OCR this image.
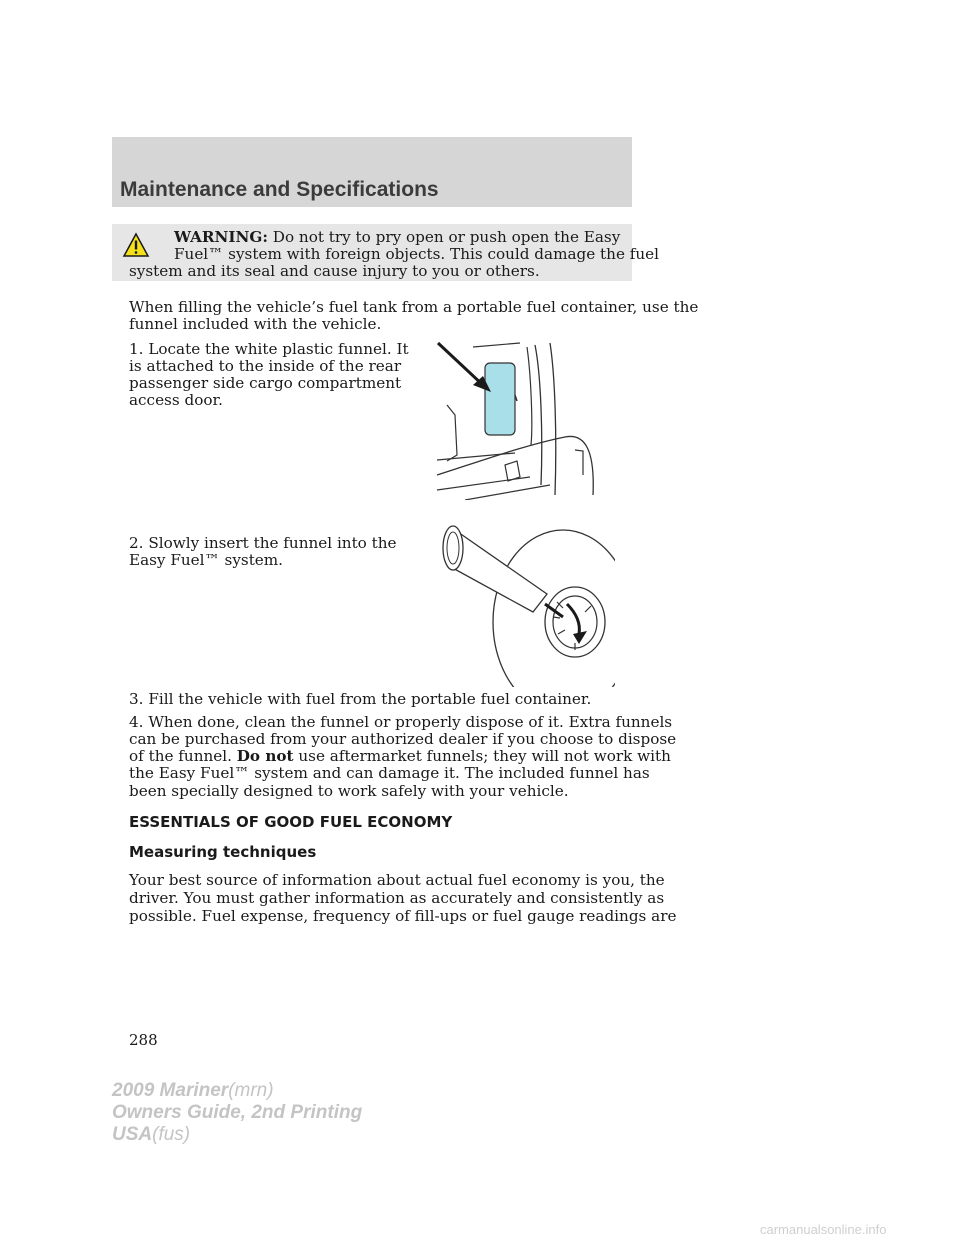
Maintenance and Specifications

WARNING: Do not try to pry open or push open the Easy

Fuel™ system with foreign objects. This could damage the fuel

system and its seal and cause injury to you or others.

When filling the vehicle’s fuel tank from a portable fuel container, use the

funnel included with the vehicle.

1. Locate the white plastic funnel. It

is attached to the inside of the rear

passenger side cargo compartment

access door.

2. Slowly insert the funnel into the

Easy Fuel™ system.

3. Fill the vehicle with fuel from the portable fuel container.

4. When done, clean the funnel or properly dispose of it. Extra funnels

can be purchased from your authorized dealer if you choose to dispose

of the funnel. Do not use aftermarket funnels; they will not work with

the Easy Fuel™ system and can damage it. The included funnel has

been specially designed to work safely with your vehicle.

ESSENTIALS OF GOOD FUEL ECONOMY
Measuring techniques

Your best source of information about actual fuel economy is you, the

driver. You must gather information as accurately and consistently as

possible. Fuel expense, frequency of fill-ups or fuel gauge readings are

288

2009 Mariner(mrn)
Owners Guide, 2nd Printing
USA(fus)
carmanualsonline.info
